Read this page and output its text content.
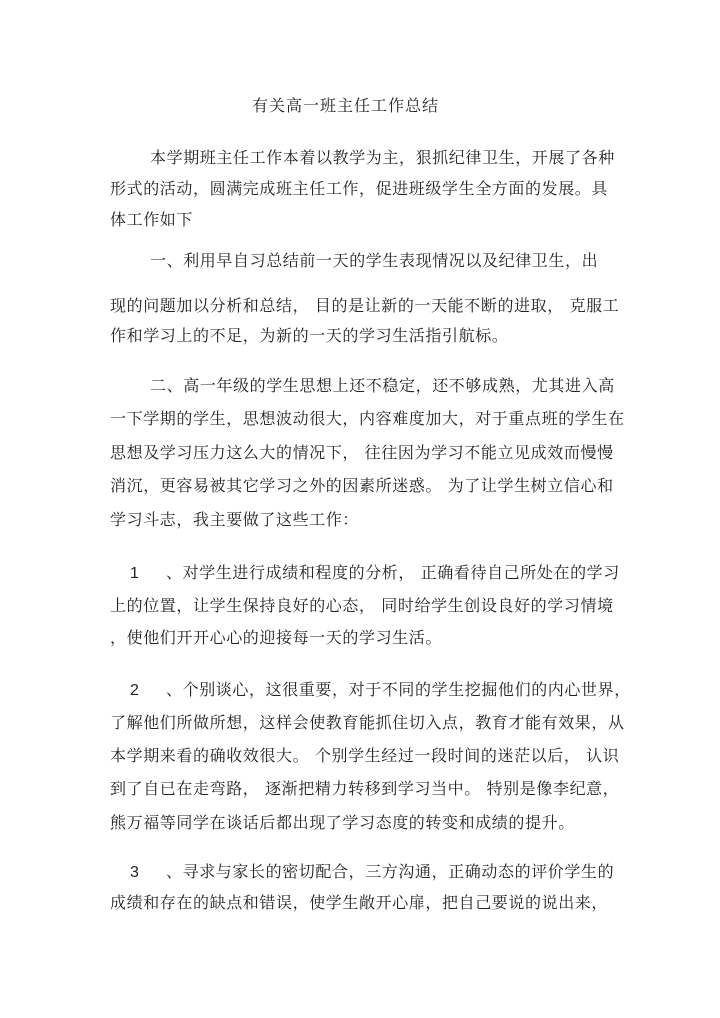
有关高一班主任工作总结
本学期班主任工作本着以教学为主，狠抓纪律卫生，开展了各种
形式的活动，圆满完成班主任工作，促进班级学生全方面的发展。具
体工作如下
一、利用早自习总结前一天的学生表现情况以及纪律卫生，出
现的问题加以分析和总结， 目的是让新的一天能不断的进取， 克服工
作和学习上的不足，为新的一天的学习生活指引航标。
二、高一年级的学生思想上还不稳定，还不够成熟，尤其进入高
一下学期的学生，思想波动很大，内容难度加大，对于重点班的学生在
思想及学习压力这么大的情况下， 往往因为学习不能立见成效而慢慢
消沉，更容易被其它学习之外的因素所迷惑。 为了让学生树立信心和
学习斗志，我主要做了这些工作：
1 、对学生进行成绩和程度的分析， 正确看待自己所处在的学习
上的位置，让学生保持良好的心态， 同时给学生创设良好的学习情境
，使他们开开心心的迎接每一天的学习生活。
2 、个别谈心，这很重要，对于不同的学生挖掘他们的内心世界，
了解他们所做所想，这样会使教育能抓住切入点，教育才能有效果，从
本学期来看的确收效很大。 个别学生经过一段时间的迷茫以后， 认识
到了自已在走弯路， 逐渐把精力转移到学习当中。 特别是像李纪意，
熊万福等同学在谈话后都出现了学习态度的转变和成绩的提升。
3 、寻求与家长的密切配合，三方沟通，正确动态的评价学生的
成绩和存在的缺点和错误，使学生敞开心扉，把自己要说的说出来，
